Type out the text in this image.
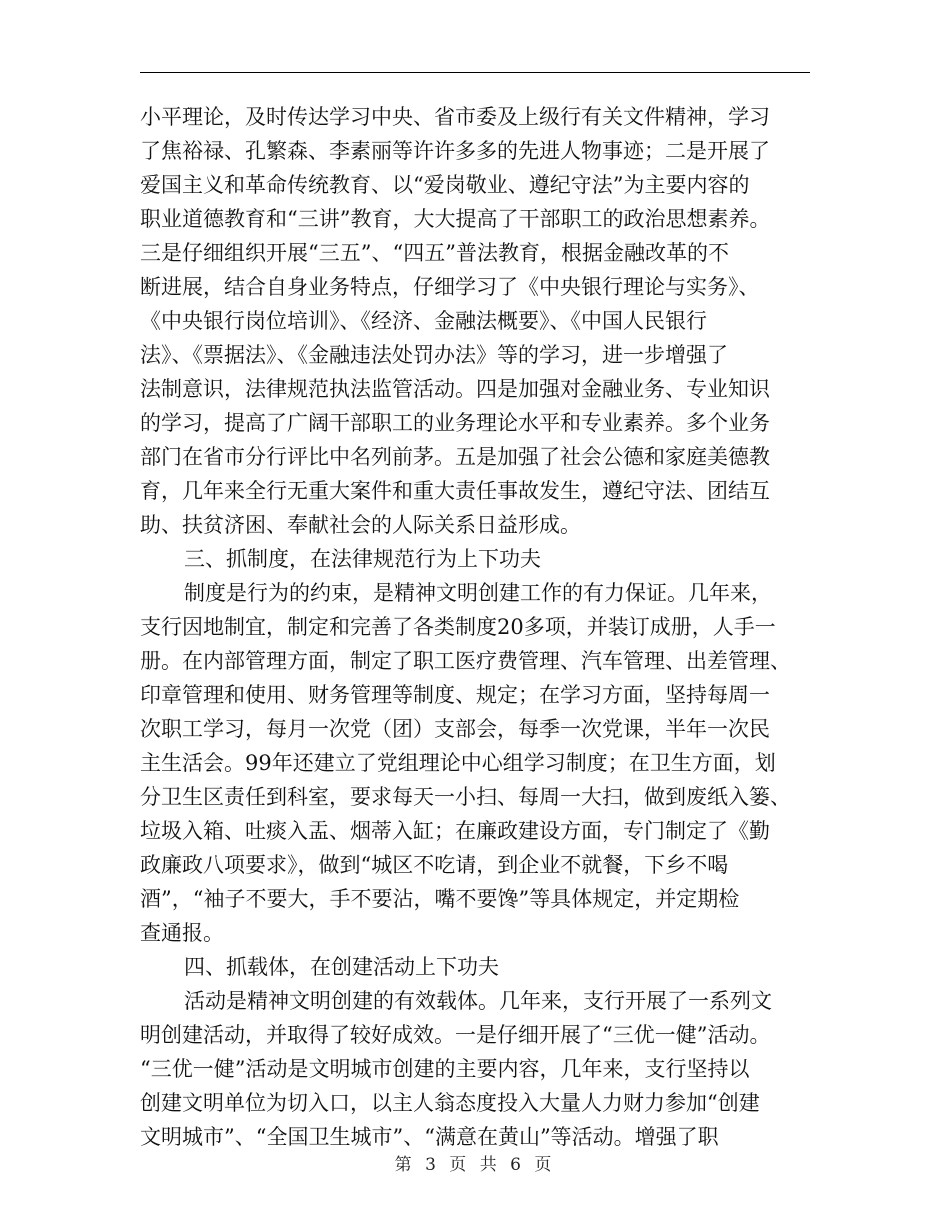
小平理论，及时传达学习中央、省市委及上级行有关文件精神，学习
了焦裕禄、孔繁森、李素丽等许许多多的先进人物事迹；二是开展了
爱国主义和革命传统教育、以“爱岗敬业、遵纪守法”为主要内容的
职业道德教育和“三讲”教育，大大提高了干部职工的政治思想素养。
三是仔细组织开展“三五”、“四五”普法教育，根据金融改革的不
断进展，结合自身业务特点，仔细学习了《中央银行理论与实务》、
《中央银行岗位培训》、《经济、金融法概要》、《中国人民银行
法》、《票据法》、《金融违法处罚办法》等的学习，进一步增强了
法制意识，法律规范执法监管活动。四是加强对金融业务、专业知识
的学习，提高了广阔干部职工的业务理论水平和专业素养。多个业务
部门在省市分行评比中名列前茅。五是加强了社会公德和家庭美德教
育，几年来全行无重大案件和重大责任事故发生，遵纪守法、团结互
助、扶贫济困、奉献社会的人际关系日益形成。
三、抓制度，在法律规范行为上下功夫
制度是行为的约束，是精神文明创建工作的有力保证。几年来，
支行因地制宜，制定和完善了各类制度20多项，并装订成册，人手一
册。在内部管理方面，制定了职工医疗费管理、汽车管理、出差管理、
印章管理和使用、财务管理等制度、规定；在学习方面，坚持每周一
次职工学习，每月一次党（团）支部会，每季一次党课，半年一次民
主生活会。99年还建立了党组理论中心组学习制度；在卫生方面，划
分卫生区责任到科室，要求每天一小扫、每周一大扫，做到废纸入篓、
垃圾入箱、吐痰入盂、烟蒂入缸；在廉政建设方面，专门制定了《勤
政廉政八项要求》，做到“城区不吃请，到企业不就餐，下乡不喝
酒”，“袖子不要大，手不要沾，嘴不要馋”等具体规定，并定期检
查通报。
四、抓载体，在创建活动上下功夫
活动是精神文明创建的有效载体。几年来，支行开展了一系列文
明创建活动，并取得了较好成效。一是仔细开展了“三优一健”活动。
“三优一健”活动是文明城市创建的主要内容，几年来，支行坚持以
创建文明单位为切入口，以主人翁态度投入大量人力财力参加“创建
文明城市”、“全国卫生城市”、“满意在黄山”等活动。增强了职
第 3 页 共 6 页
